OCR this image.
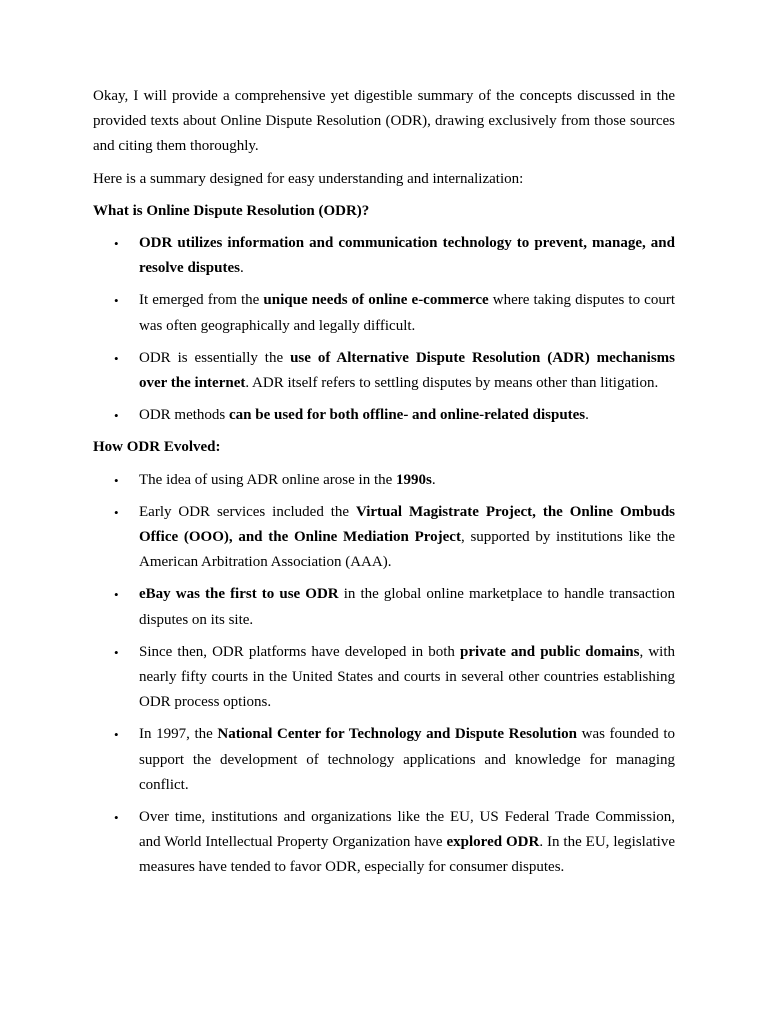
Okay, I will provide a comprehensive yet digestible summary of the concepts discussed in the provided texts about Online Dispute Resolution (ODR), drawing exclusively from those sources and citing them thoroughly.

Here is a summary designed for easy understanding and internalization:

What is Online Dispute Resolution (ODR)?
• ODR utilizes information and communication technology to prevent, manage, and resolve disputes.
• It emerged from the unique needs of online e-commerce where taking disputes to court was often geographically and legally difficult.
• ODR is essentially the use of Alternative Dispute Resolution (ADR) mechanisms over the internet. ADR itself refers to settling disputes by means other than litigation.
• ODR methods can be used for both offline- and online-related disputes.
How ODR Evolved:
• The idea of using ADR online arose in the 1990s.
• Early ODR services included the Virtual Magistrate Project, the Online Ombuds Office (OOO), and the Online Mediation Project, supported by institutions like the American Arbitration Association (AAA).
• eBay was the first to use ODR in the global online marketplace to handle transaction disputes on its site.
• Since then, ODR platforms have developed in both private and public domains, with nearly fifty courts in the United States and courts in several other countries establishing ODR process options.
• In 1997, the National Center for Technology and Dispute Resolution was founded to support the development of technology applications and knowledge for managing conflict.
• Over time, institutions and organizations like the EU, US Federal Trade Commission, and World Intellectual Property Organization have explored ODR. In the EU, legislative measures have tended to favor ODR, especially for consumer disputes.
